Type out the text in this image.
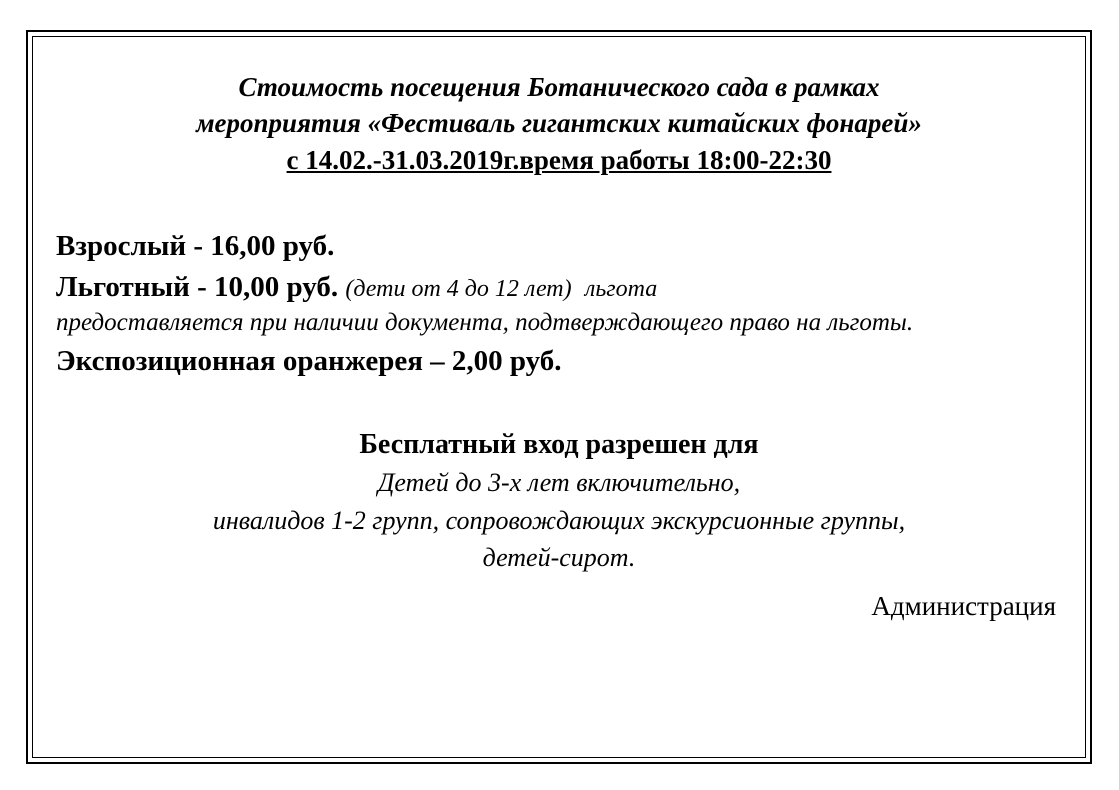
Стоимость посещения Ботанического сада в рамках
мероприятия «Фестиваль гигантских китайских фонарей»
с 14.02.-31.03.2019г.время работы 18:00-22:30
Взрослый - 16,00 руб.
Льготный - 10,00 руб. (дети от 4 до 12 лет)  льгота
предоставляется при наличии документа, подтверждающего право на льготы.
Экспозиционная оранжерея – 2,00 руб.
Бесплатный вход разрешен для
Детей до 3-х лет включительно,
инвалидов 1-2 групп, сопровождающих экскурсионные группы,
детей-сирот.
Администрация
